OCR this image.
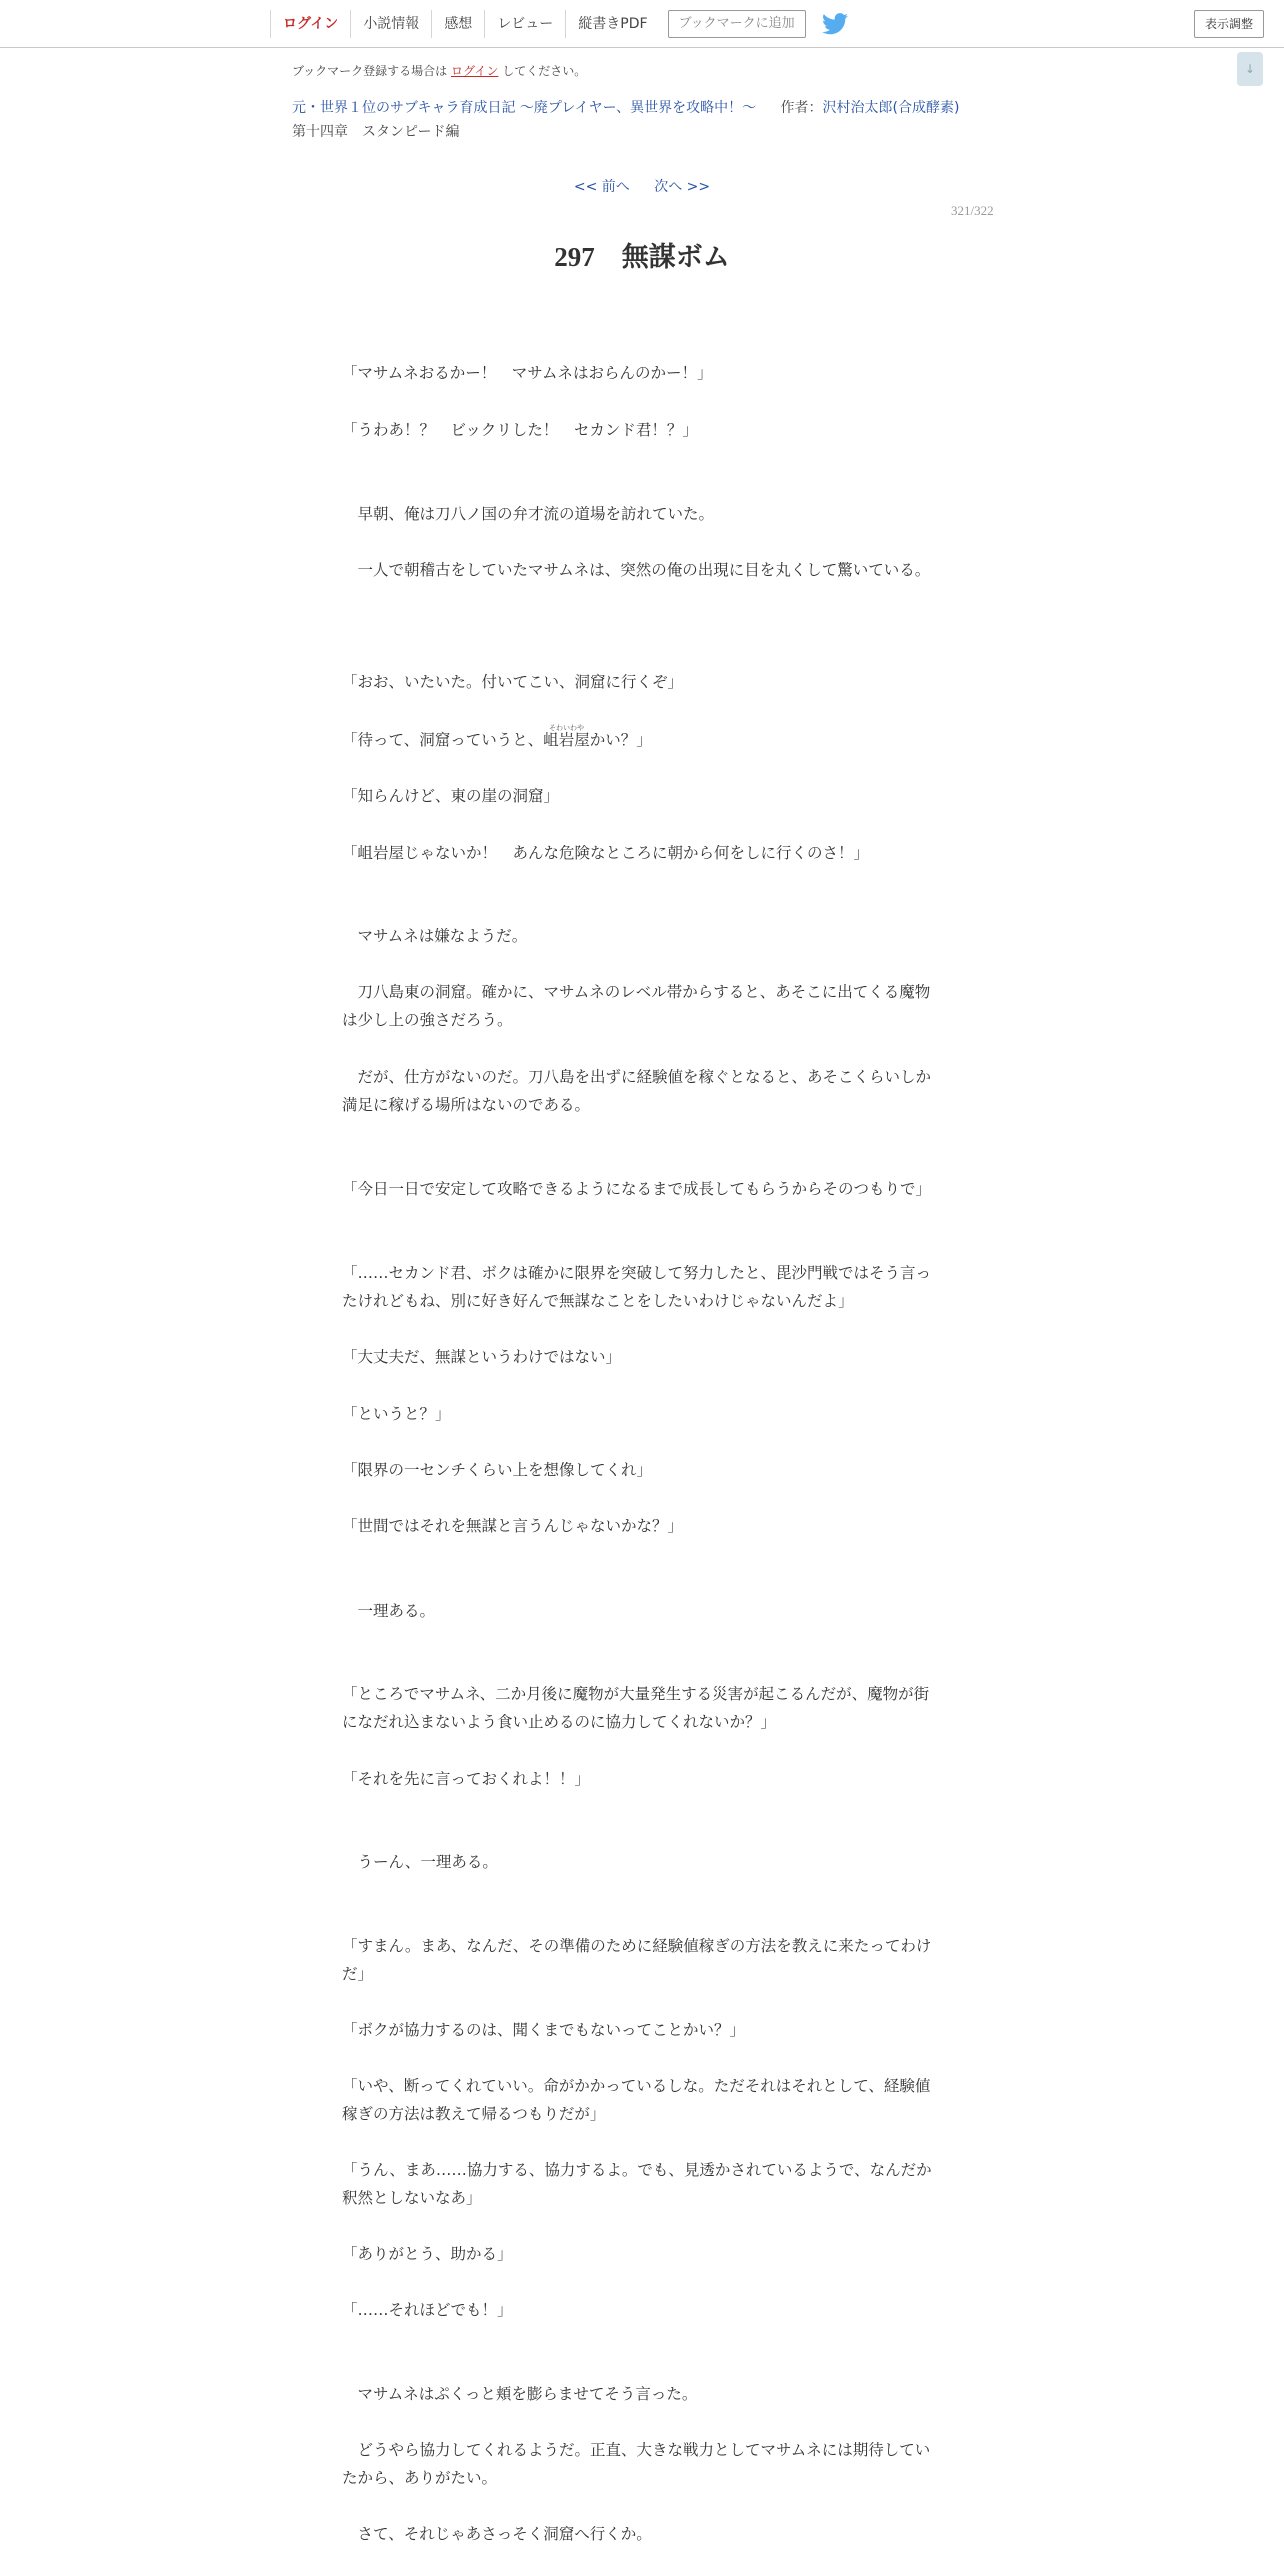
ログイン	小説情報	感想	レビュー	縦書きPDF	ブックマークに追加	表示調整
↓
ブックマーク登録する場合は ログイン してください。
元・世界１位のサブキャラ育成日記 ～廃プレイヤー、異世界を攻略中！～ 作者：沢村治太郎(合成酵素)
第十四章　スタンピード編
<< 前へ 次へ >>
321/322
297　無謀ボム

「マサムネおるかー！　マサムネはおらんのかー！」

「うわあ！？　ビックリした！　セカンド君！？」

　早朝、俺は刀八ノ国の弁才流の道場を訪れていた。

　一人で朝稽古をしていたマサムネは、突然の俺の出現に目を丸くして驚いている。

「おお、いたいた。付いてこい、洞窟に行くぞ」

「待って、洞窟っていうと、
そわいわや
岨岩屋かい？」

「知らんけど、東の崖の洞窟」

「岨岩屋じゃないか！　あんな危険なところに朝から何をしに行くのさ！」

　マサムネは嫌なようだ。

　刀八島東の洞窟。確かに、マサムネのレベル帯からすると、あそこに出てくる魔物は少し上の強さだろう。

　だが、仕方がないのだ。刀八島を出ずに経験値を稼ぐとなると、あそこくらいしか満足に稼げる場所はないのである。

「今日一日で安定して攻略できるようになるまで成長してもらうからそのつもりで」

「……セカンド君、ボクは確かに限界を突破して努力したと、毘沙門戦ではそう言ったけれどもね、別に好き好んで無謀なことをしたいわけじゃないんだよ」

「大丈夫だ、無謀というわけではない」

「というと？」

「限界の一センチくらい上を想像してくれ」

「世間ではそれを無謀と言うんじゃないかな？」

　一理ある。

「ところでマサムネ、二か月後に魔物が大量発生する災害が起こるんだが、魔物が街になだれ込まないよう食い止めるのに協力してくれないか？」

「それを先に言っておくれよ！！」

　うーん、一理ある。

「すまん。まあ、なんだ、その準備のために経験値稼ぎの方法を教えに来たってわけだ」

「ボクが協力するのは、聞くまでもないってことかい？」

「いや、断ってくれていい。命がかかっているしな。ただそれはそれとして、経験値稼ぎの方法は教えて帰るつもりだが」

「うん、まあ……協力する、協力するよ。でも、見透かされているようで、なんだか釈然としないなあ」

「ありがとう、助かる」

「……それほどでも！」

　マサムネはぷくっと頬を膨らませてそう言った。

　どうやら協力してくれるようだ。正直、大きな戦力としてマサムネには期待していたから、ありがたい。

　さて、それじゃあさっそく洞窟へ行くか。
